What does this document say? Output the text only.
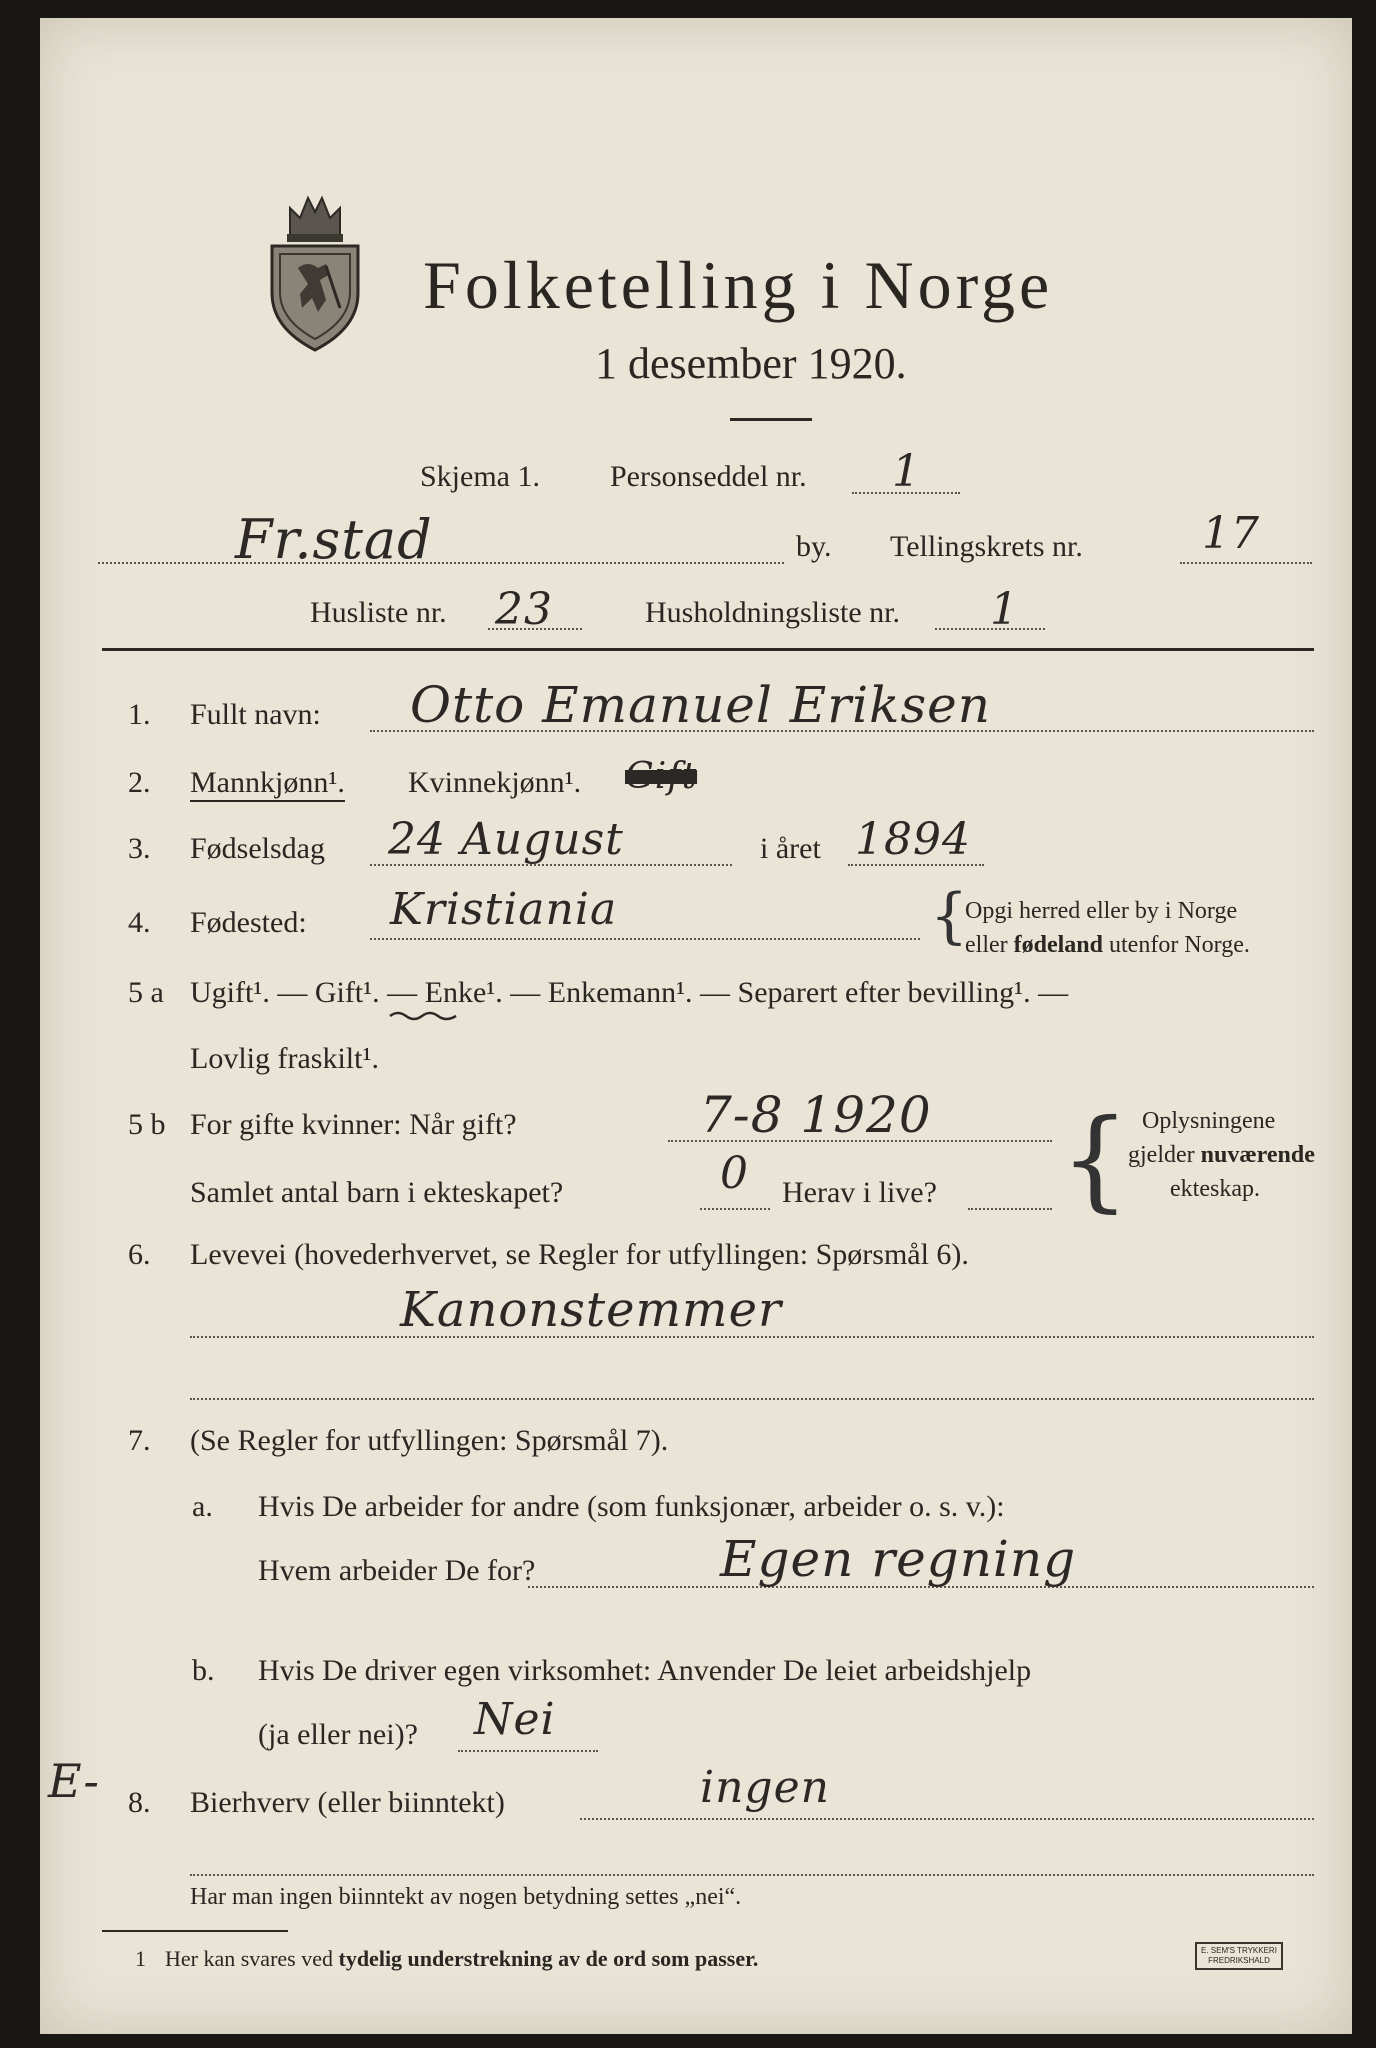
Folketelling i Norge
1 desember 1920.
Skjema 1. Personseddel nr. 1
Fr.stad	by. Tellingskrets nr.	17
Husliste nr. 23	Husholdningsliste nr. 1
1. Fullt navn: Otto Emanuel Eriksen
2. Mannkjønn¹. Kvinnekjønn¹. Gift
3. Fødselsdag 24 August	i året 1894
4. Fødested: Kristiania	{
Opgi herred eller by i Norge
eller fødeland utenfor Norge.
5 a Ugift¹. — Gift¹. — Enke¹. — Enkemann¹. — Separert efter bevilling¹. —
Lovlig fraskilt¹.
5 b For gifte kvinner: Når gift?	7-8 1920
Samlet antal barn i ekteskapet?	0 Herav i live? { Oplysningene
gjelder nuværende
ekteskap.
6. Levevei (hovederhvervet, se Regler for utfyllingen: Spørsmål 6).
Kanonstemmer
7. (Se Regler for utfyllingen: Spørsmål 7).
a. Hvis De arbeider for andre (som funksjonær, arbeider o. s. v.):
Hvem arbeider De for?	Egen regning
b. Hvis De driver egen virksomhet: Anvender De leiet arbeidshjelp
(ja eller nei)? Nei
E- 8. Bierhverv (eller biinntekt)	ingen
Har man ingen biinntekt av nogen betydning settes „nei“.
1 Her kan svares ved tydelig understrekning av de ord som passer.	E. SEM'S TRYKKERI
FREDRIKSHALD
